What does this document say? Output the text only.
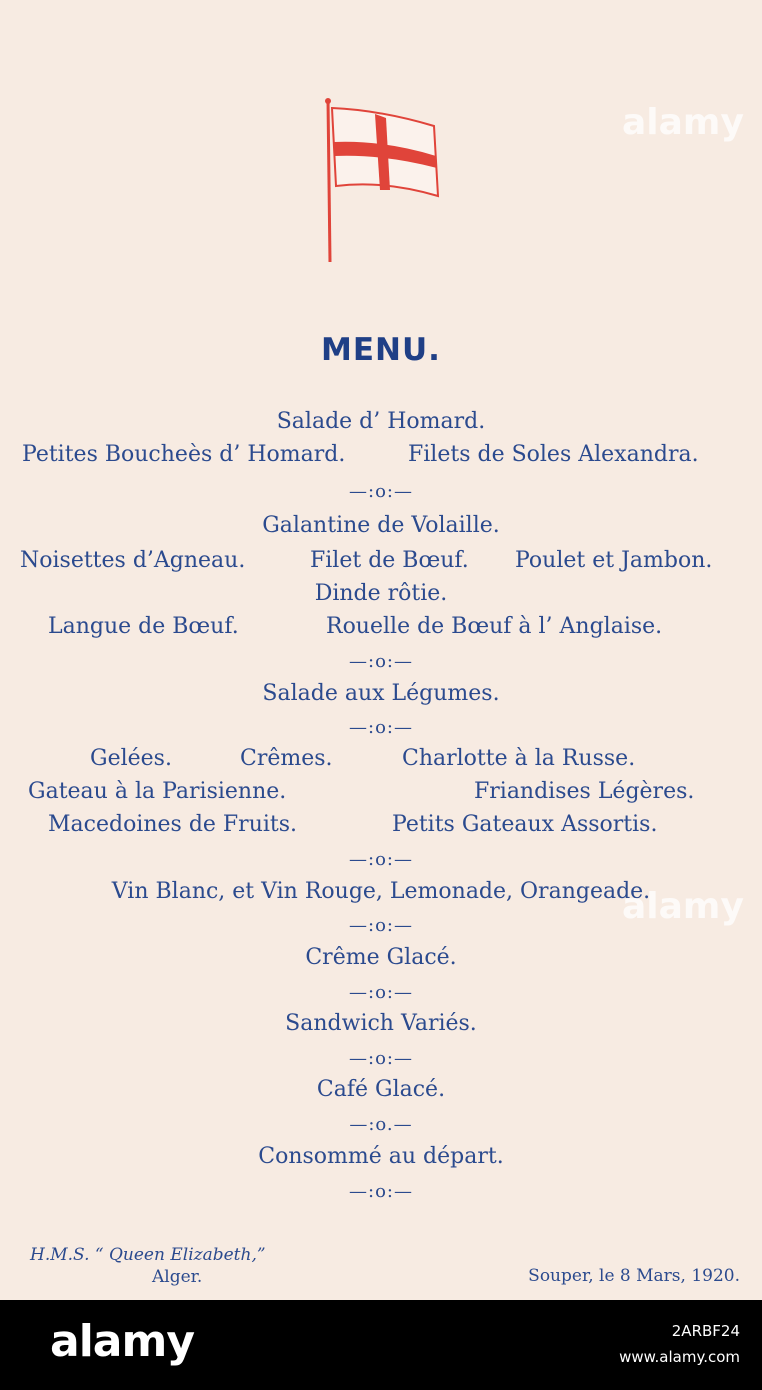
MENU.
Salade d’ Homard.
Petites Boucheès d’ Homard.	Filets de Soles Alexandra.
—:o:—
Galantine de Volaille.
Noisettes d’Agneau.	Filet de Bœuf. Poulet et Jambon.
Dinde rôtie.
Langue de Bœuf.	Rouelle de Bœuf à l’ Anglaise.
—:o:—
Salade aux Légumes.
—:o:—
Gelées.	Crêmes.	Charlotte à la Russe.
Gateau à la Parisienne.	Friandises Légères.
Macedoines de Fruits.	Petits Gateaux Assortis.
—:o:—
Vin Blanc, et Vin Rouge, Lemonade, Orangeade.
—:o:—
Crême Glacé.
—:o:—
Sandwich Variés.
—:o:—
Café Glacé.
—:o.—
Consommé au départ.
—:o:—
H.M.S. “ Queen Elizabeth,”
Alger.	Souper, le 8 Mars, 1920.
alamy
alamy
alamy	2ARBF24
www.alamy.com
